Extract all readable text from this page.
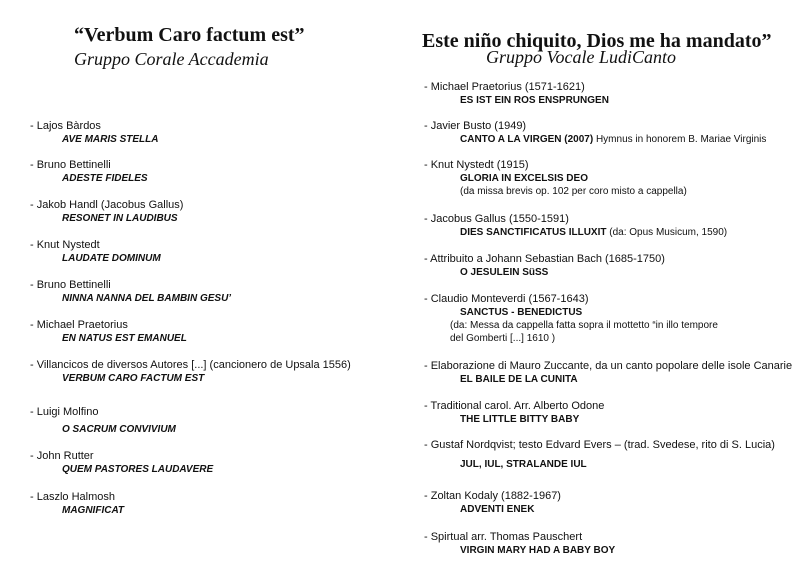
“Verbum Caro factum est”
Gruppo Corale Accademia
- Lajos Bàrdos
AVE MARIS STELLA
- Bruno Bettinelli
ADESTE FIDELES
- Jakob Handl (Jacobus Gallus)
RESONET IN LAUDIBUS
- Knut Nystedt
LAUDATE DOMINUM
- Bruno Bettinelli
NINNA NANNA DEL BAMBIN GESU’
- Michael Praetorius
EN NATUS EST EMANUEL
- Villancicos de diversos Autores [...] (cancionero de Upsala 1556)
VERBUM CARO FACTUM EST
- Luigi Molfino
O SACRUM CONVIVIUM
- John Rutter
QUEM PASTORES LAUDAVERE
- Laszlo Halmosh
MAGNIFICAT
Este niño chiquito, Dios me ha mandato”
Gruppo Vocale LudiCanto
- Michael Praetorius (1571-1621)
ES IST EIN ROS ENSPRUNGEN
- Javier Busto (1949)
CANTO A LA VIRGEN (2007) Hymnus in honorem B. Mariae Virginis
- Knut Nystedt (1915)
GLORIA IN EXCELSIS DEO
(da missa brevis op. 102 per coro misto a cappella)
- Jacobus Gallus (1550-1591)
DIES SANCTIFICATUS ILLUXIT (da: Opus Musicum, 1590)
- Attribuito a Johann Sebastian Bach (1685-1750)
O JESULEIN SüSS
- Claudio Monteverdi (1567-1643)
SANCTUS - BENEDICTUS
(da: Messa da cappella fatta sopra il mottetto “in illo tempore
del Gomberti [...] 1610 )
- Elaborazione di Mauro Zuccante, da un canto popolare delle isole Canarie
EL BAILE DE LA CUNITA
- Traditional carol. Arr. Alberto Odone
THE LITTLE BITTY BABY
- Gustaf Nordqvist; testo Edvard Evers – (trad. Svedese, rito di S. Lucia)
JUL, IUL, STRALANDE IUL
- Zoltan Kodaly (1882-1967)
ADVENTI ENEK
- Spirtual arr. Thomas Pauschert
VIRGIN MARY HAD A BABY BOY
